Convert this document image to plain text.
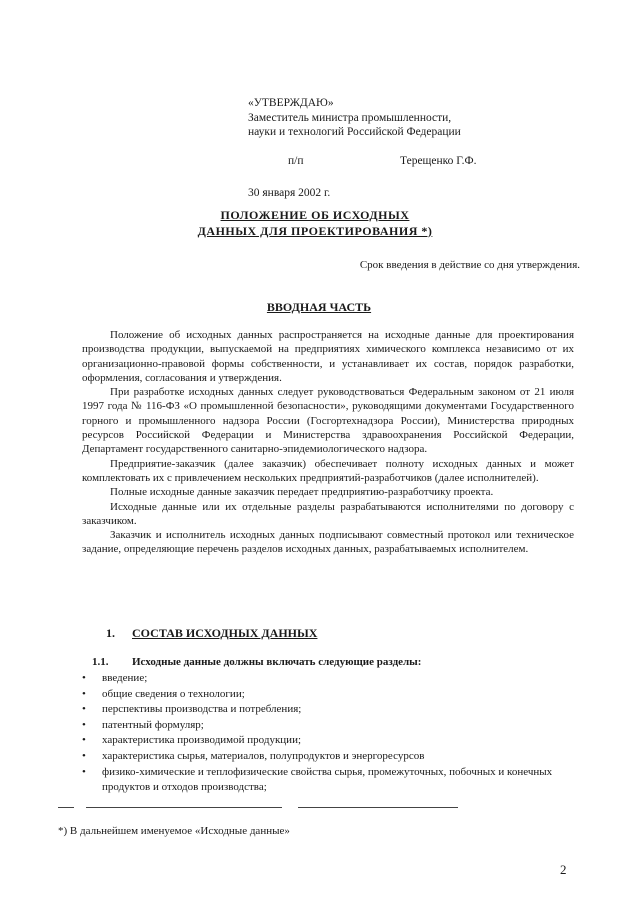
«УТВЕРЖДАЮ»
Заместитель министра промышленности,
науки и технологий Российской Федерации
п/п	Терещенко Г.Ф.
30 января 2002 г.
ПОЛОЖЕНИЕ ОБ ИСХОДНЫХ
ДАННЫХ ДЛЯ ПРОЕКТИРОВАНИЯ *)
Срок введения в действие со дня утверждения.
ВВОДНАЯ ЧАСТЬ

Положение об исходных данных распространяется на исходные данные для проектирования производства продукции, выпускаемой на предприятиях химического комплекса независимо от их организационно-правовой формы собственности, и устанавливает их состав, порядок разработки, оформления, согласования и утверждения.

При разработке исходных данных следует руководствоваться Федеральным законом от 21 июля 1997 года № 116-ФЗ «О промышленной безопасности», руководящими документами Государственного горного и промышленного надзора России (Госгортехнадзора России), Министерства природных ресурсов Российской Федерации и Министерства здравоохранения Российской Федерации, Департамент государственного санитарно-эпидемиологического надзора.

Предприятие-заказчик (далее заказчик) обеспечивает полноту исходных данных и может комплектовать их с привлечением нескольких предприятий-разработчиков (далее исполнителей).

Полные исходные данные заказчик передает предприятию-разработчику проекта.

Исходные данные или их отдельные разделы разрабатываются исполнителями по договору с заказчиком.

Заказчик и исполнитель исходных данных подписывают совместный протокол или техническое задание, определяющие перечень разделов исходных данных, разрабатываемых исполнителем.

1. СОСТАВ ИСХОДНЫХ ДАННЫХ
1.1. Исходные данные должны включать следующие разделы:
• введение;
• общие сведения о технологии;
• перспективы производства и потребления;
• патентный формуляр;
• характеристика производимой продукции;
• характеристика сырья, материалов, полупродуктов и энергоресурсов
• физико-химические и теплофизические свойства сырья, промежуточных, побочных и конечных продуктов и отходов производства;
*) В дальнейшем именуемое «Исходные данные»
2
